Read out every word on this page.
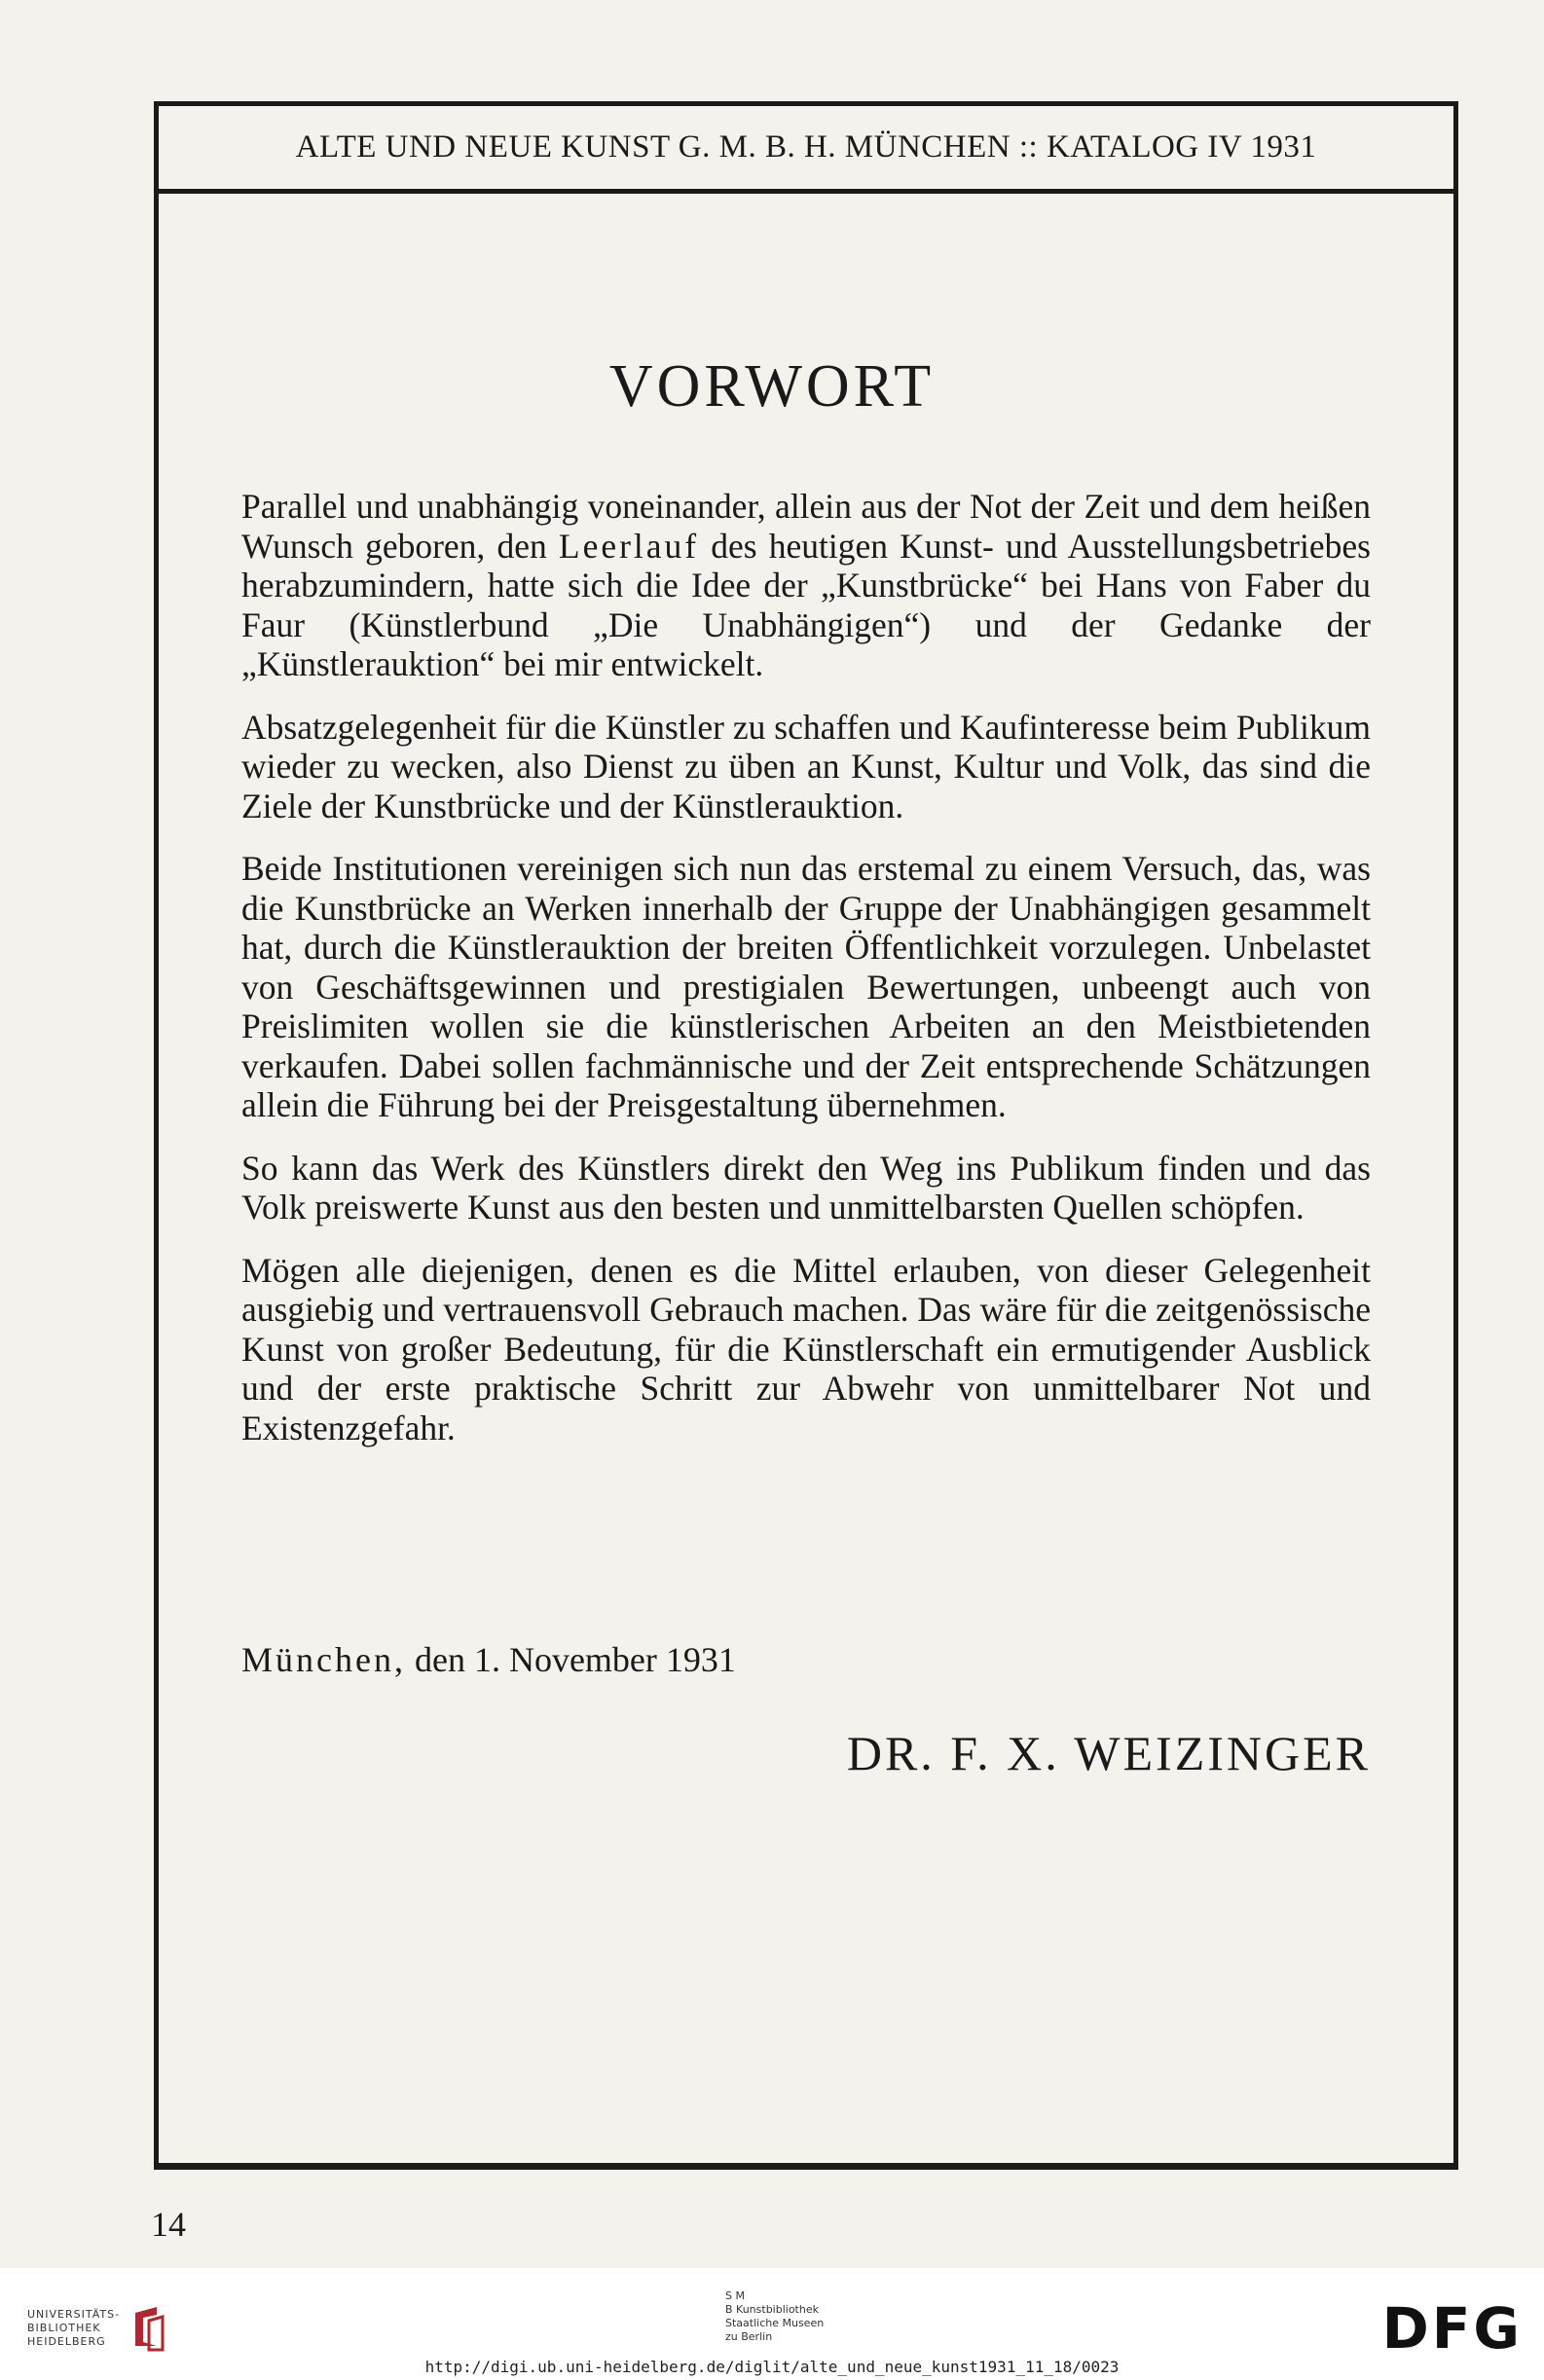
ALTE UND NEUE KUNST G. M. B. H. MÜNCHEN :: KATALOG IV 1931
VORWORT

Parallel und unabhängig voneinander, allein aus der Not der Zeit und dem heißen Wunsch geboren, den Leerlauf des heutigen Kunst- und Ausstellungsbetriebes herabzumindern, hatte sich die Idee der „Kunstbrücke“ bei Hans von Faber du Faur (Künstlerbund „Die Unabhängigen“) und der Gedanke der „Künstlerauktion“ bei mir entwickelt.

Absatzgelegenheit für die Künstler zu schaffen und Kaufinteresse beim Publikum wieder zu wecken, also Dienst zu üben an Kunst, Kultur und Volk, das sind die Ziele der Kunstbrücke und der Künstlerauktion.

Beide Institutionen vereinigen sich nun das erstemal zu einem Versuch, das, was die Kunstbrücke an Werken innerhalb der Gruppe der Unabhängigen gesammelt hat, durch die Künstlerauktion der breiten Öffentlichkeit vorzulegen. Unbelastet von Geschäftsgewinnen und prestigialen Bewertungen, unbeengt auch von Preislimiten wollen sie die künstlerischen Arbeiten an den Meistbietenden verkaufen. Dabei sollen fachmännische und der Zeit entsprechende Schätzungen allein die Führung bei der Preisgestaltung übernehmen.

So kann das Werk des Künstlers direkt den Weg ins Publikum finden und das Volk preiswerte Kunst aus den besten und unmittelbarsten Quellen schöpfen.

Mögen alle diejenigen, denen es die Mittel erlauben, von dieser Gelegenheit ausgiebig und vertrauensvoll Gebrauch machen. Das wäre für die zeitgenössische Kunst von großer Bedeutung, für die Künstlerschaft ein ermutigender Ausblick und der erste praktische Schritt zur Abwehr von unmittelbarer Not und Existenzgefahr.

München, den 1. November 1931
DR. F. X. WEIZINGER
14
UNIVERSITÄTS-
BIBLIOTHEK
HEIDELBERG
S M
B Kunstbibliothek
Staatliche Museen
zu Berlin	DFG
http://digi.ub.uni-heidelberg.de/diglit/alte_und_neue_kunst1931_11_18/0023
